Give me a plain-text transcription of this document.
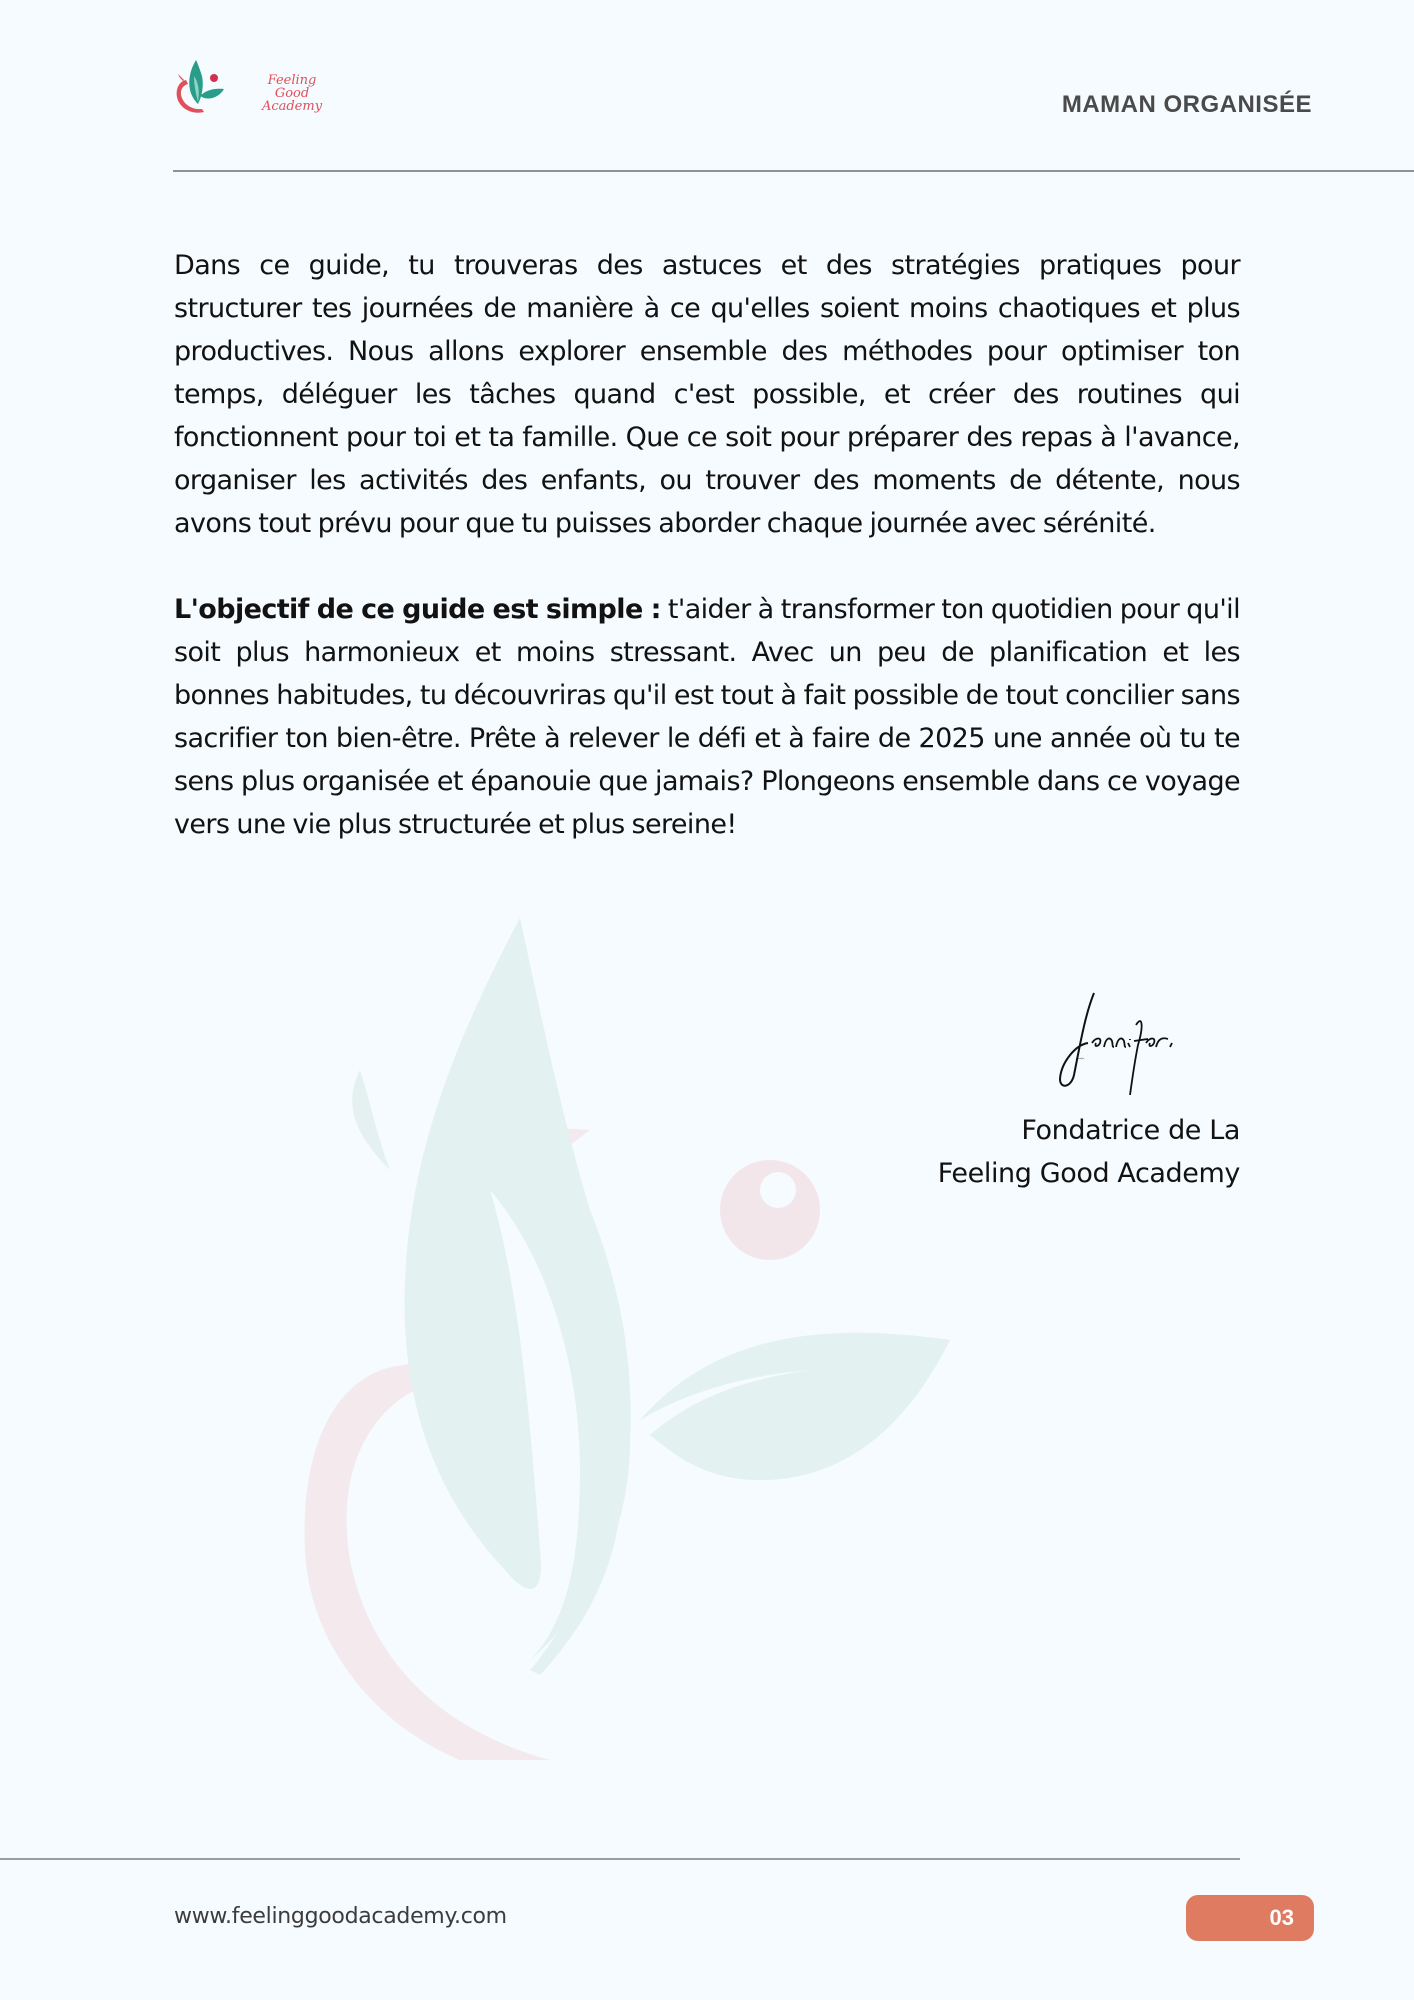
Feeling Good
Academy	MAMAN ORGANISÉE

Dans ce guide, tu trouveras des astuces et des stratégies pratiques pour structurer tes journées de manière à ce qu'elles soient moins chaotiques et plus productives. Nous allons explorer ensemble des méthodes pour optimiser ton temps, déléguer les tâches quand c'est possible, et créer des routines qui fonctionnent pour toi et ta famille. Que ce soit pour préparer des repas à l'avance, organiser les activités des enfants, ou trouver des moments de détente, nous avons tout prévu pour que tu puisses aborder chaque journée avec sérénité.

L'objectif de ce guide est simple : t'aider à transformer ton quotidien pour qu'il soit plus harmonieux et moins stressant. Avec un peu de planification et les bonnes habitudes, tu découvriras qu'il est tout à fait possible de tout concilier sans sacrifier ton bien-être. Prête à relever le défi et à faire de 2025 une année où tu te sens plus organisée et épanouie que jamais? Plongeons ensemble dans ce voyage vers une vie plus structurée et plus sereine!

Jennifer,
Fondatrice de La
Feeling Good Academy
www.feelinggoodacademy.com	03
